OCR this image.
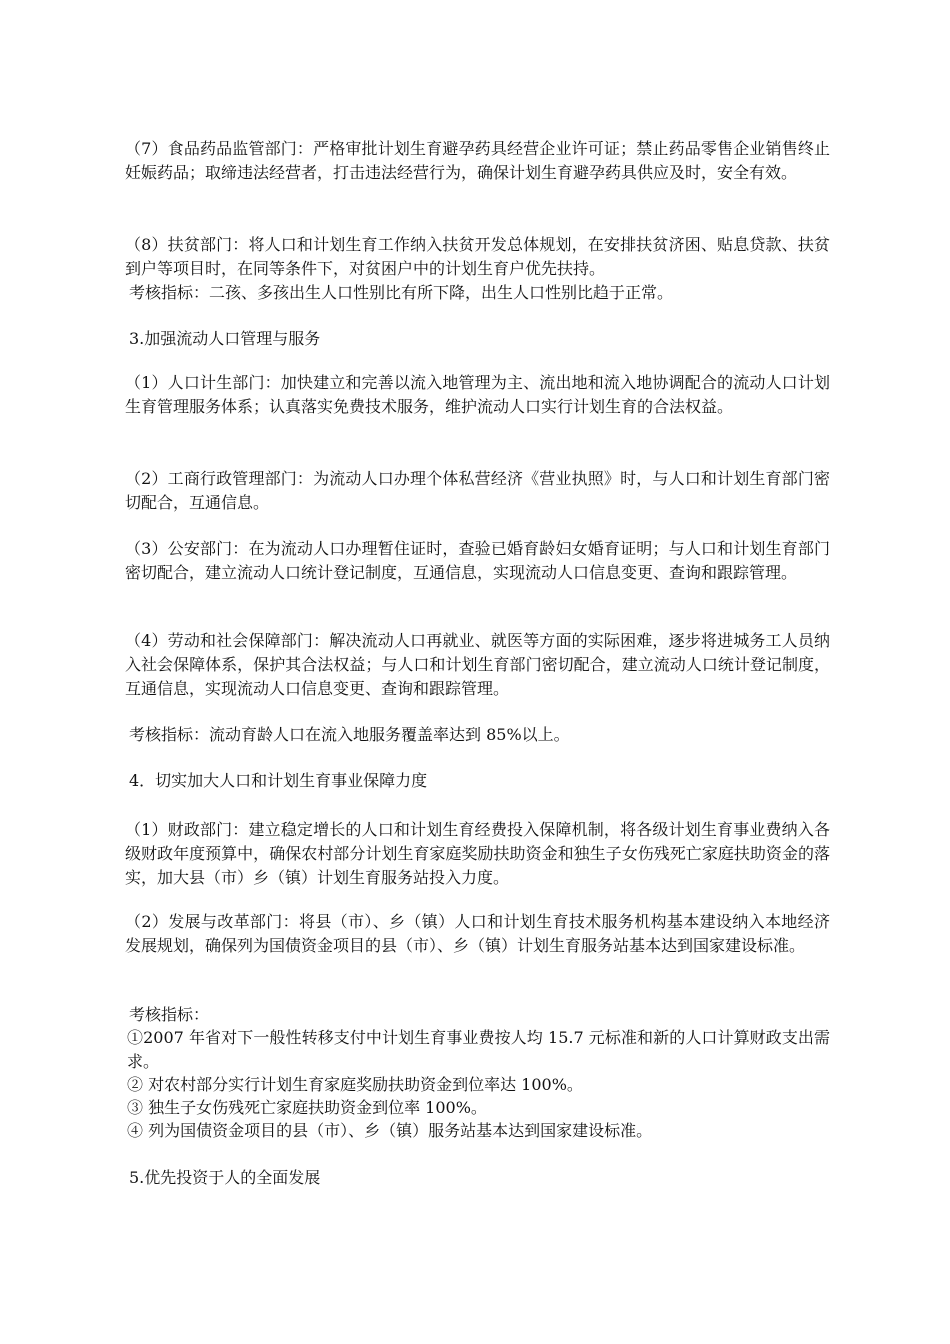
（7）食品药品监管部门：严格审批计划生育避孕药具经营企业许可证；禁止药品零售企业销售终止妊娠药品；取缔违法经营者，打击违法经营行为，确保计划生育避孕药具供应及时，安全有效。

（8）扶贫部门：将人口和计划生育工作纳入扶贫开发总体规划，在安排扶贫济困、贴息贷款、扶贫到户等项目时，在同等条件下，对贫困户中的计划生育户优先扶持。

考核指标：二孩、多孩出生人口性别比有所下降，出生人口性别比趋于正常。

3.加强流动人口管理与服务

（1）人口计生部门：加快建立和完善以流入地管理为主、流出地和流入地协调配合的流动人口计划生育管理服务体系；认真落实免费技术服务，维护流动人口实行计划生育的合法权益。

（2）工商行政管理部门：为流动人口办理个体私营经济《营业执照》时，与人口和计划生育部门密切配合，互通信息。

（3）公安部门：在为流动人口办理暂住证时，查验已婚育龄妇女婚育证明；与人口和计划生育部门密切配合，建立流动人口统计登记制度，互通信息，实现流动人口信息变更、查询和跟踪管理。

（4）劳动和社会保障部门：解决流动人口再就业、就医等方面的实际困难，逐步将进城务工人员纳入社会保障体系，保护其合法权益；与人口和计划生育部门密切配合，建立流动人口统计登记制度，互通信息，实现流动人口信息变更、查询和跟踪管理。

考核指标：流动育龄人口在流入地服务覆盖率达到 85%以上。

4．切实加大人口和计划生育事业保障力度

（1）财政部门：建立稳定增长的人口和计划生育经费投入保障机制，将各级计划生育事业费纳入各级财政年度预算中，确保农村部分计划生育家庭奖励扶助资金和独生子女伤残死亡家庭扶助资金的落实，加大县（市）乡（镇）计划生育服务站投入力度。

（2）发展与改革部门：将县（市）、乡（镇）人口和计划生育技术服务机构基本建设纳入本地经济发展规划，确保列为国债资金项目的县（市）、乡（镇）计划生育服务站基本达到国家建设标准。

考核指标：

①2007 年省对下一般性转移支付中计划生育事业费按人均 15.7 元标准和新的人口计算财政支出需求。

② 对农村部分实行计划生育家庭奖励扶助资金到位率达 100%。

③ 独生子女伤残死亡家庭扶助资金到位率 100%。

④ 列为国债资金项目的县（市）、乡（镇）服务站基本达到国家建设标准。

5.优先投资于人的全面发展
